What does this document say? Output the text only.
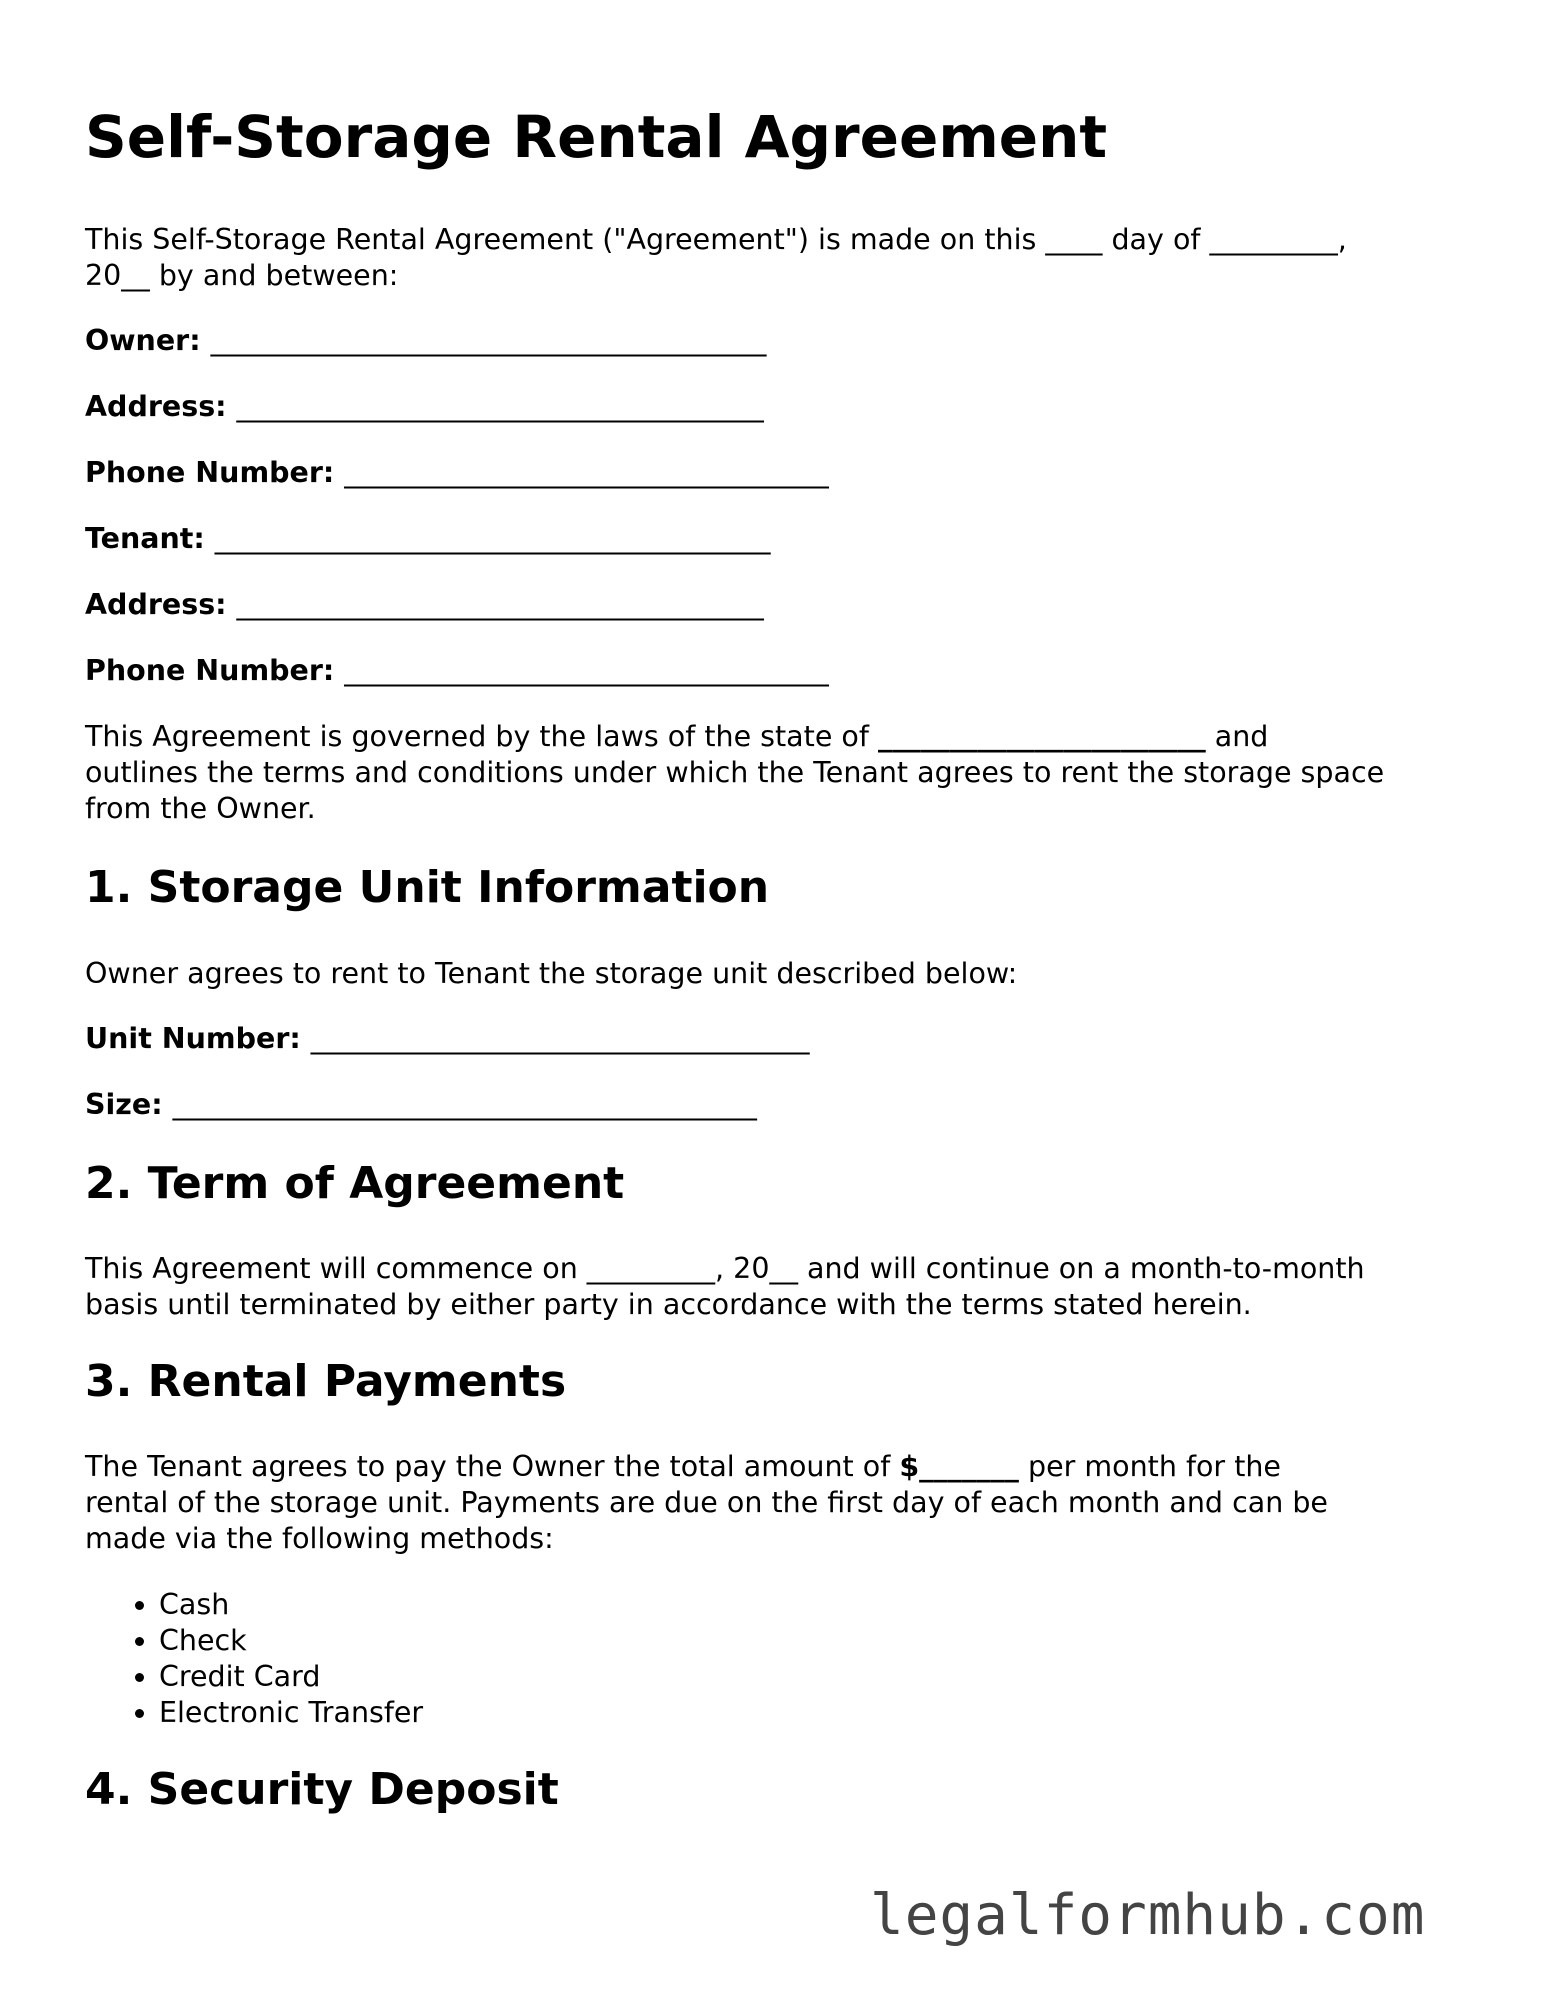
Self-Storage Rental Agreement
This Self-Storage Rental Agreement ("Agreement") is made on this ____ day of _________,
20__ by and between:
Owner: _______________________________________
Address: _____________________________________
Phone Number: __________________________________
Tenant: _______________________________________
Address: _____________________________________
Phone Number: __________________________________
This Agreement is governed by the laws of the state of _______________________ and
outlines the terms and conditions under which the Tenant agrees to rent the storage space
from the Owner.
1. Storage Unit Information
Owner agrees to rent to Tenant the storage unit described below:
Unit Number: ___________________________________
Size: _________________________________________
2. Term of Agreement
This Agreement will commence on _________, 20__ and will continue on a month-to-month
basis until terminated by either party in accordance with the terms stated herein.
3. Rental Payments
The Tenant agrees to pay the Owner the total amount of $_______ per month for the
rental of the storage unit. Payments are due on the first day of each month and can be
made via the following methods:
• Cash
• Check
• Credit Card
• Electronic Transfer
4. Security Deposit
legalformhub.com
